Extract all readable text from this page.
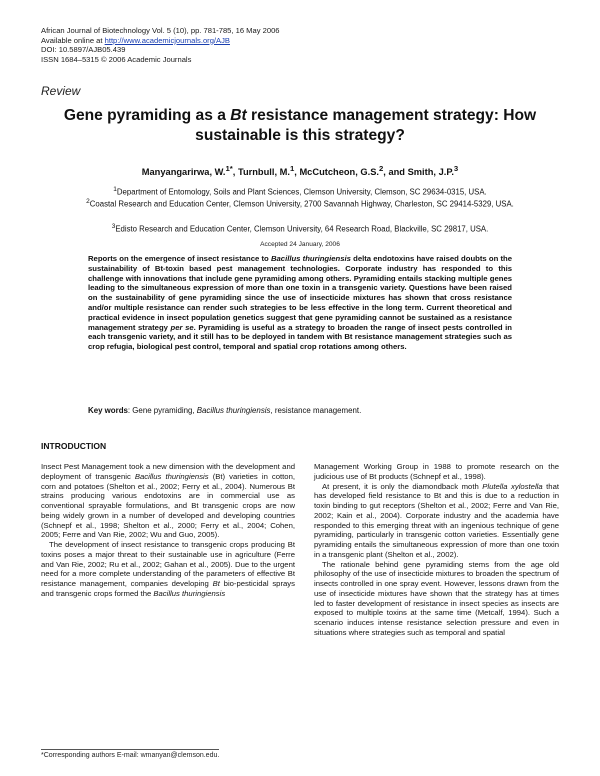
African Journal of Biotechnology Vol. 5 (10), pp. 781-785, 16 May 2006
Available online at http://www.academicjournals.org/AJB
DOI: 10.5897/AJB05.439
ISSN 1684–5315 © 2006 Academic Journals
Review
Gene pyramiding as a Bt resistance management strategy: How sustainable is this strategy?
Manyangarirwa, W.$^{1*}$, Turnbull, M.$^1$, McCutcheon, G.S.$^2$, and Smith, J.P.$^3$
$^1$Department of Entomology, Soils and Plant Sciences, Clemson University, Clemson, SC 29634-0315, USA.
$^2$Coastal Research and Education Center, Clemson University, 2700 Savannah Highway, Charleston, SC 29414-5329, USA.
$^3$Edisto Research and Education Center, Clemson University, 64 Research Road, Blackville, SC 29817, USA.
Accepted 24 January, 2006
Reports on the emergence of insect resistance to Bacillus thuringiensis delta endotoxins have raised doubts on the sustainability of Bt-toxin based pest management technologies. Corporate industry has responded to this challenge with innovations that include gene pyramiding among others. Pyramiding entails stacking multiple genes leading to the simultaneous expression of more than one toxin in a transgenic variety. Questions have been raised on the sustainability of gene pyramiding since the use of insecticide mixtures has shown that cross resistance and/or multiple resistance can render such strategies to be less effective in the long term. Current theoretical and practical evidence in insect population genetics suggest that gene pyramiding cannot be sustained as a resistance management strategy per se. Pyramiding is useful as a strategy to broaden the range of insect pests controlled in each transgenic variety, and it still has to be deployed in tandem with Bt resistance management strategies such as crop refugia, biological pest control, temporal and spatial crop rotations among others.
Key words: Gene pyramiding, Bacillus thuringiensis, resistance management.
INTRODUCTION

Insect Pest Management took a new dimension with the development and deployment of transgenic Bacillus thuringiensis (Bt) varieties in cotton, corn and potatoes (Shelton et al., 2002; Ferry et al., 2004). Numerous Bt strains producing various endotoxins are in commercial use as conventional sprayable formulations, and Bt transgenic crops are now being widely grown in a number of developed and developing countries (Schnepf et al., 1998; Shelton et al., 2000; Ferry et al., 2004; Cohen, 2005; Ferre and Van Rie, 2002; Wu and Guo, 2005).

The development of insect resistance to transgenic crops producing Bt toxins poses a major threat to their sustainable use in agriculture (Ferre and Van Rie, 2002; Ru et al., 2002; Gahan et al., 2005). Due to the urgent need for a more complete understanding of the parameters of effective Bt resistance management, companies developing Bt bio-pesticidal sprays and transgenic crops formed the Bacillus thuringiensis

Management Working Group in 1988 to promote research on the judicious use of Bt products (Schnepf et al., 1998).

At present, it is only the diamondback moth Plutella xylostella that has developed field resistance to Bt and this is due to a reduction in toxin binding to gut receptors (Shelton et al., 2002; Ferre and Van Rie, 2002; Kain et al., 2004). Corporate industry and the academia have responded to this emerging threat with an ingenious technique of gene pyramiding, particularly in transgenic cotton varieties. Essentially gene pyramiding entails the simultaneous expression of more than one toxin in a transgenic plant (Shelton et al., 2002).

The rationale behind gene pyramiding stems from the age old philosophy of the use of insecticide mixtures to broaden the spectrum of insects controlled in one spray event. However, lessons drawn from the use of insecticide mixtures have shown that the strategy has at times led to faster development of resistance in insect species as insects are exposed to multiple toxins at the same time (Metcalf, 1994). Such a scenario induces intense resistance selection pressure and even in situations where strategies such as temporal and spatial

*Corresponding authors E-mail: wmanyan@clemson.edu.
